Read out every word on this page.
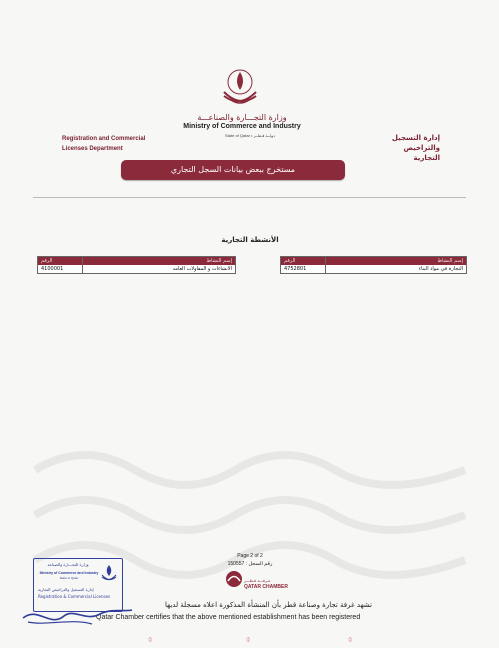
وزارة التجـــارة والصناعـــة
Ministry of Commerce and Industry
State of Qatar • دولــة قـطــر
Registration and Commercial
Licenses Department
إدارة التسجيل
والتراخيص التجارية
مستخرج ببعض بيانات السجل التجاري
الأنشطة التجارية
الرقم	إسم النشاط
4100001	الانشاءات و المقاولات العامه
الرقم	إسم النشاط
4752801	التجارة في مواد البناء
Page 2 of 2
رقم السجل : 150557
غـرفـــة قـطـــر
QATAR CHAMBER
تشهد غرفة تجارة وصناعة قطر بأن المنشأة المذكورة اعلاه مسجلة لديها
Qatar Chamber certifies that the above mentioned establishment has been registered
وزارة التجـــارة والصناعة
Ministry of Commerce and Industry
State of Qatar
إدارة التسجيل والتراخيص التجارية
Registration & Commercial Licenses
ᛰ	ᛰ	ᛰ
